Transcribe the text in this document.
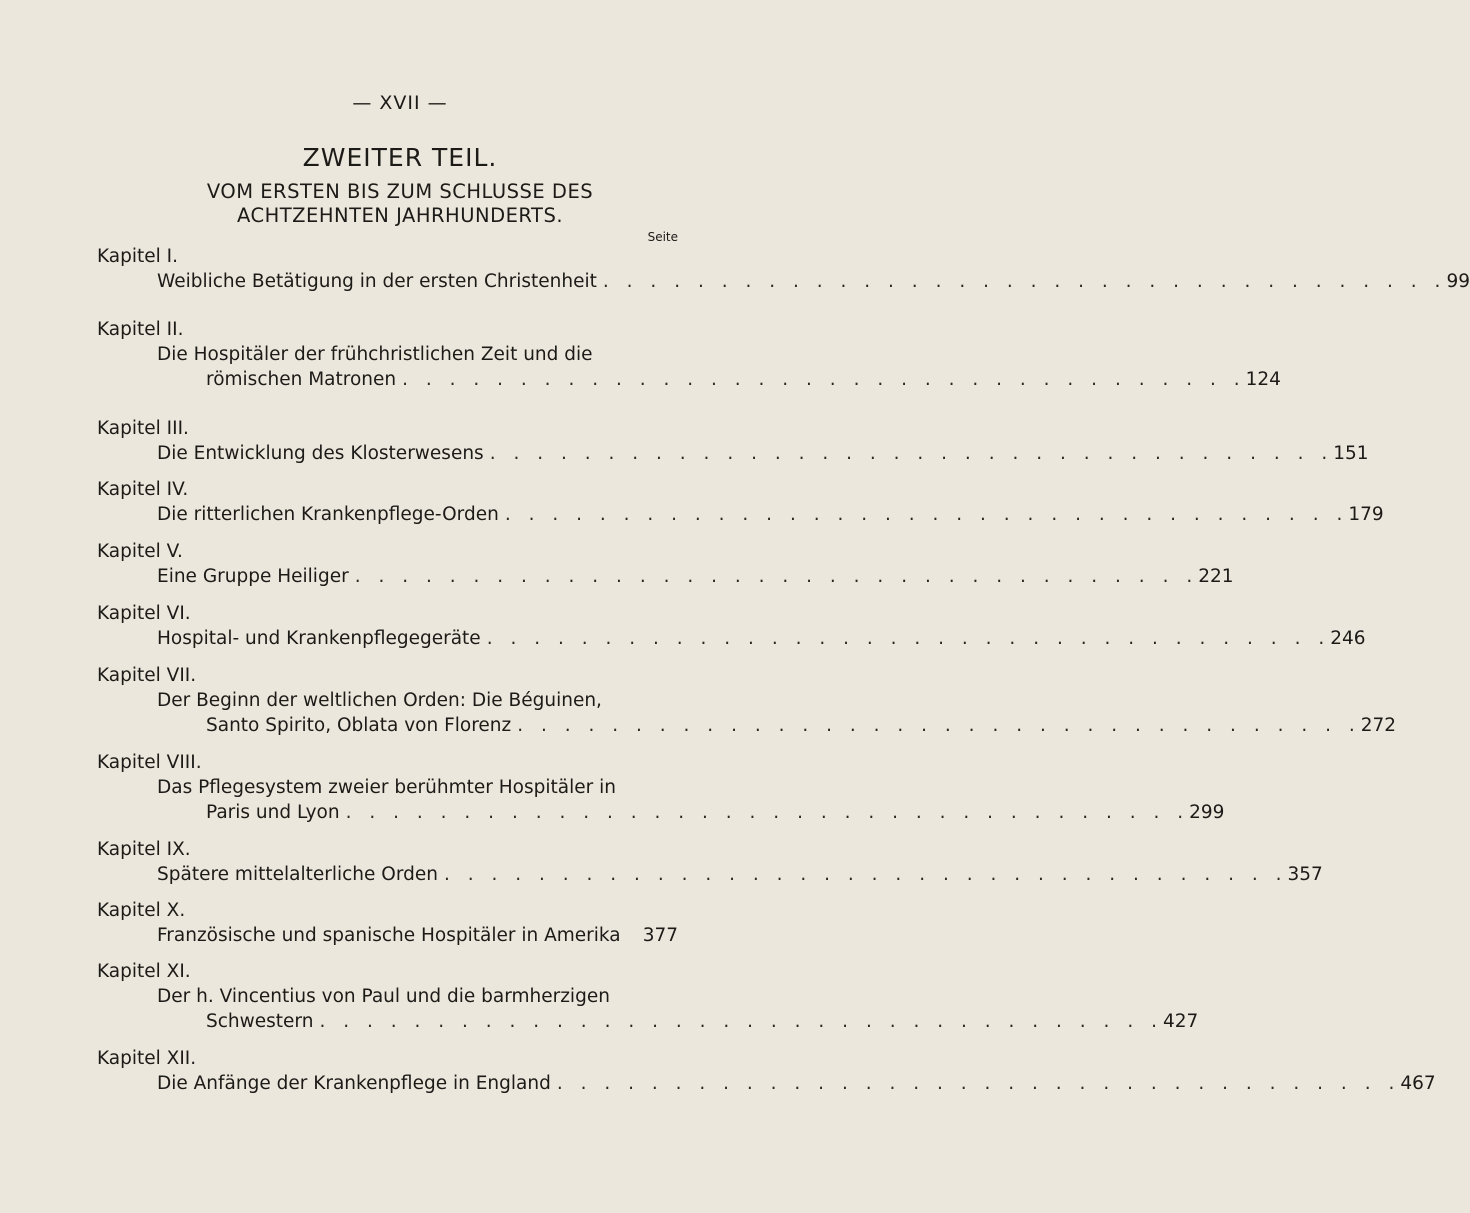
— XVII —
ZWEITER TEIL.
VOM ERSTEN BIS ZUM SCHLUSSE DES
ACHTZEHNTEN JAHRHUNDERTS.
Seite
Kapitel I.
Weibliche Betätigung in der ersten Christenheit . . . . . . . . . . . . . . . . . . . . . . . . . . . . . . . . . . . . 99
Kapitel II.
Die Hospitäler der frühchristlichen Zeit und die
römischen Matronen . . . . . . . . . . . . . . . . . . . . . . . . . . . . . . . . . . . . 124
Kapitel III.
Die Entwicklung des Klosterwesens . . . . . . . . . . . . . . . . . . . . . . . . . . . . . . . . . . . . 151
Kapitel IV.
Die ritterlichen Krankenpflege-Orden . . . . . . . . . . . . . . . . . . . . . . . . . . . . . . . . . . . . 179
Kapitel V.
Eine Gruppe Heiliger . . . . . . . . . . . . . . . . . . . . . . . . . . . . . . . . . . . . 221
Kapitel VI.
Hospital- und Krankenpflegegeräte . . . . . . . . . . . . . . . . . . . . . . . . . . . . . . . . . . . . 246
Kapitel VII.
Der Beginn der weltlichen Orden: Die Béguinen,
Santo Spirito, Oblata von Florenz . . . . . . . . . . . . . . . . . . . . . . . . . . . . . . . . . . . . 272
Kapitel VIII.
Das Pflegesystem zweier berühmter Hospitäler in
Paris und Lyon . . . . . . . . . . . . . . . . . . . . . . . . . . . . . . . . . . . . 299
Kapitel IX.
Spätere mittelalterliche Orden . . . . . . . . . . . . . . . . . . . . . . . . . . . . . . . . . . . . 357
Kapitel X.
Französische und spanische Hospitäler in Amerika	377
Kapitel XI.
Der h. Vincentius von Paul und die barmherzigen
Schwestern . . . . . . . . . . . . . . . . . . . . . . . . . . . . . . . . . . . . 427
Kapitel XII.
Die Anfänge der Krankenpflege in England . . . . . . . . . . . . . . . . . . . . . . . . . . . . . . . . . . . . 467
